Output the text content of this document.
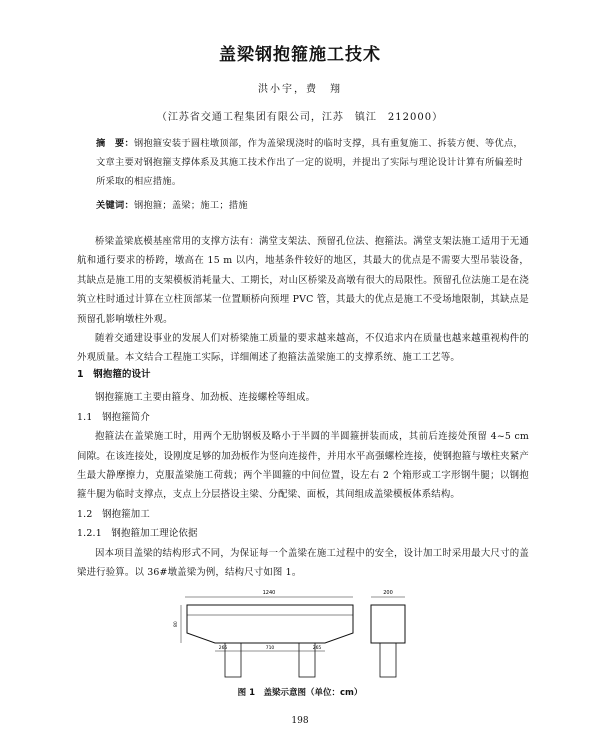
盖梁钢抱箍施工技术
洪小宇，费　翔
（江苏省交通工程集团有限公司，江苏　镇江　212000）
摘　要：钢抱箍安装于圆柱墩顶部，作为盖梁现浇时的临时支撑，具有重复施工、拆装方便、等优点，文章主要对钢抱箍支撑体系及其施工技术作出了一定的说明，并提出了实际与理论设计计算有所偏差时所采取的相应措施。
关键词：钢抱箍；盖梁；施工；措施

桥梁盖梁底模基座常用的支撑方法有：满堂支架法、预留孔位法、抱箍法。满堂支架法施工适用于无通航和通行要求的桥跨，墩高在 15 m 以内，地基条件较好的地区，其最大的优点是不需要大型吊装设备，其缺点是施工用的支架模板消耗量大、工期长，对山区桥梁及高墩有很大的局限性。预留孔位法施工是在浇筑立柱时通过计算在立柱顶部某一位置顺桥向预埋 PVC 管，其最大的优点是施工不受场地限制，其缺点是预留孔影响墩柱外观。

随着交通建设事业的发展人们对桥梁施工质量的要求越来越高，不仅追求内在质量也越来越重视构件的外观质量。本文结合工程施工实际，详细阐述了抱箍法盖梁施工的支撑系统、施工工艺等。

1　钢抱箍的设计

钢抱箍施工主要由箍身、加劲板、连接螺栓等组成。

1.1　钢抱箍简介

抱箍法在盖梁施工时，用两个无肋钢板及略小于半圆的半圆箍拼装而成，其前后连接处预留 4~5 cm 间隙。在该连接处，设刚度足够的加劲板作为竖向连接件，并用水平高强螺栓连接，使钢抱箍与墩柱夹紧产生最大静摩擦力，克服盖梁施工荷载；两个半圆箍的中间位置，设左右 2 个箱形或工字形钢牛腿；以钢抱箍牛腿为临时支撑点，支点上分层搭设主梁、分配梁、面板，其间组成盖梁模板体系结构。

1.2　钢抱箍加工

1.2.1　钢抱箍加工理论依据

因本项目盖梁的结构形式不同，为保证每一个盖梁在施工过程中的安全，设计加工时采用最大尺寸的盖梁进行验算。以 36#墩盖梁为例，结构尺寸如图 1。

1240
80
265	710	265
200
图 1　盖梁示意图（单位：cm）
198
